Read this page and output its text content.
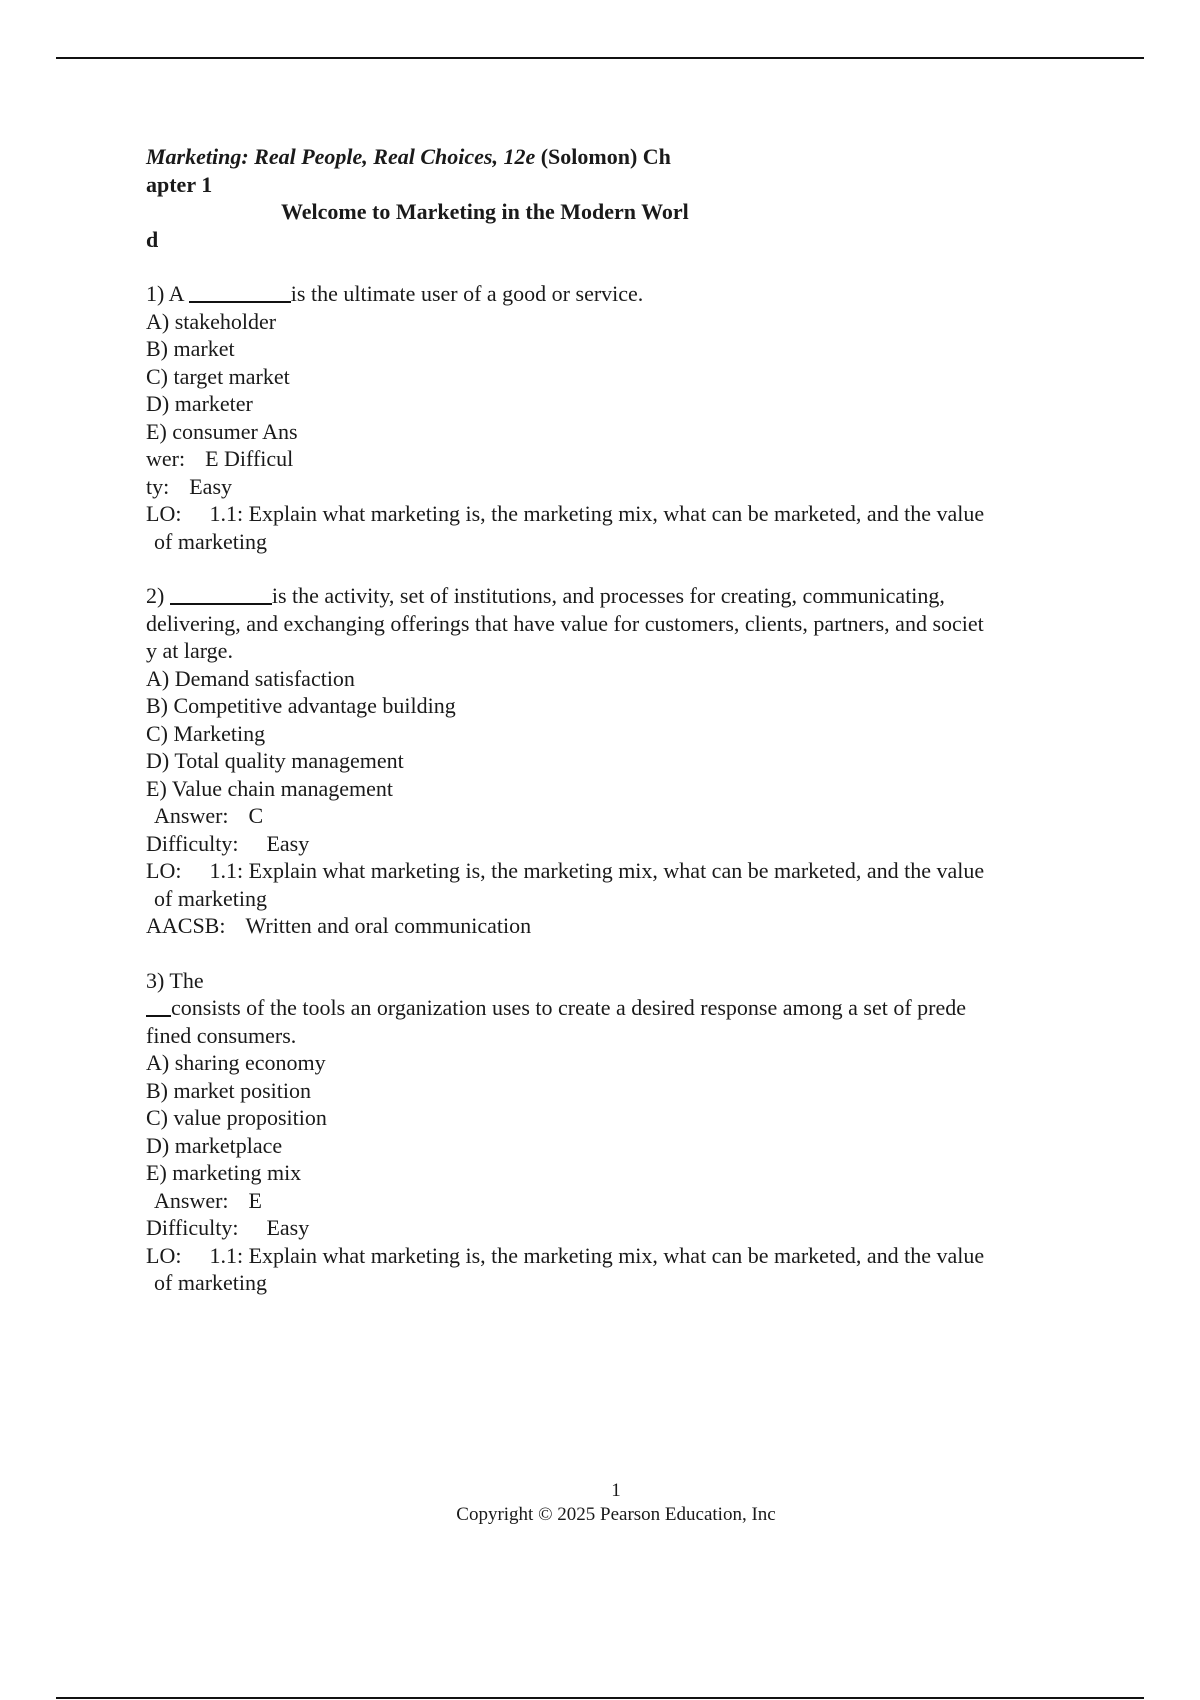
Marketing: Real People, Real Choices, 12e (Solomon) Ch
apter 1
Welcome to Marketing in the Modern Worl
d
1) A	is the ultimate user of a good or service.
A) stakeholder
B) market
C) target market
D) marketer
E) consumer Ans
wer: E Difficul
ty: Easy
LO: 1.1: Explain what marketing is, the marketing mix, what can be marketed, and the value
of marketing
2)	is the activity, set of institutions, and processes for creating, communicating,
delivering, and exchanging offerings that have value for customers, clients, partners, and societ
y at large.
A) Demand satisfaction
B) Competitive advantage building
C) Marketing
D) Total quality management
E) Value chain management
Answer: C
Difficulty: Easy
LO: 1.1: Explain what marketing is, the marketing mix, what can be marketed, and the value
of marketing
AACSB: Written and oral communication
3) The
consists of the tools an organization uses to create a desired response among a set of prede
fined consumers.
A) sharing economy
B) market position
C) value proposition
D) marketplace
E) marketing mix
Answer: E
Difficulty: Easy
LO: 1.1: Explain what marketing is, the marketing mix, what can be marketed, and the value
of marketing
1
Copyright © 2025 Pearson Education, Inc
